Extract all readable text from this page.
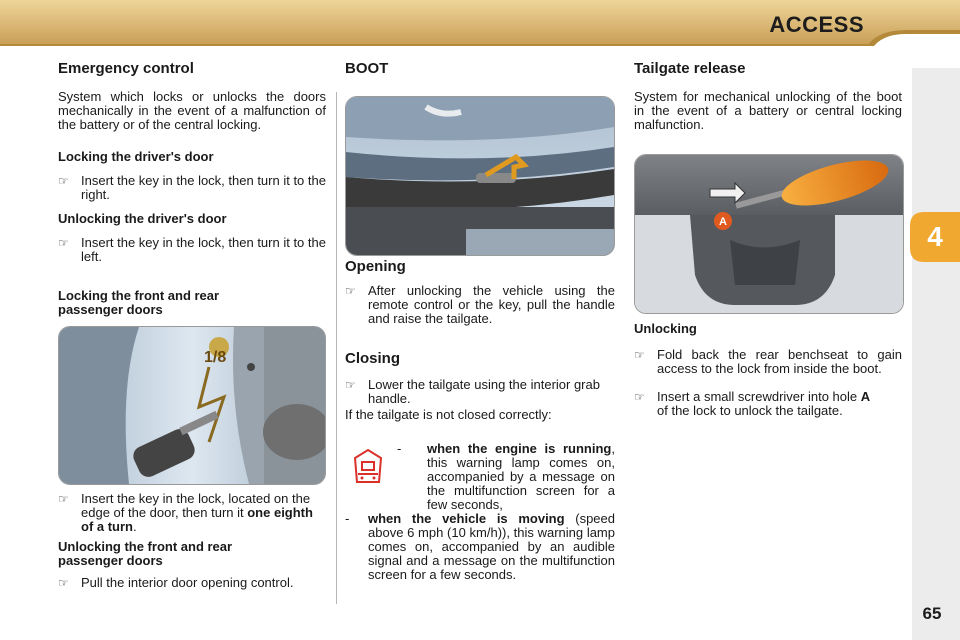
ACCESS
4
65
Emergency control

System which locks or unlocks the doors mechanically in the event of a malfunction of the battery or of the central locking.

Locking the driver's door
☞ Insert the key in the lock, then turn it to the right.
Unlocking the driver's door
☞ Insert the key in the lock, then turn it to the left.
Locking the front and rear passenger doors
1/8
☞ Insert the key in the lock, located on the edge of the door, then turn it one eighth of a turn.
Unlocking the front and rear passenger doors
☞ Pull the interior door opening control.
BOOT
Opening
☞ After unlocking the vehicle using the remote control or the key, pull the handle and raise the tailgate.
Closing
☞ Lower the tailgate using the interior grab handle.

If the tailgate is not closed correctly:

- when the engine is running, this warning lamp comes on, accompanied by a message on the multifunction screen for a few seconds,
- when the vehicle is moving (speed above 6 mph (10 km/h)), this warning lamp comes on, accompanied by an audible signal and a message on the multifunction screen for a few seconds.
Tailgate release

System for mechanical unlocking of the boot in the event of a battery or central locking malfunction.

A
Unlocking
☞ Fold back the rear benchseat to gain access to the lock from inside the boot.
☞ Insert a small screwdriver into hole A
of the lock to unlock the tailgate.
